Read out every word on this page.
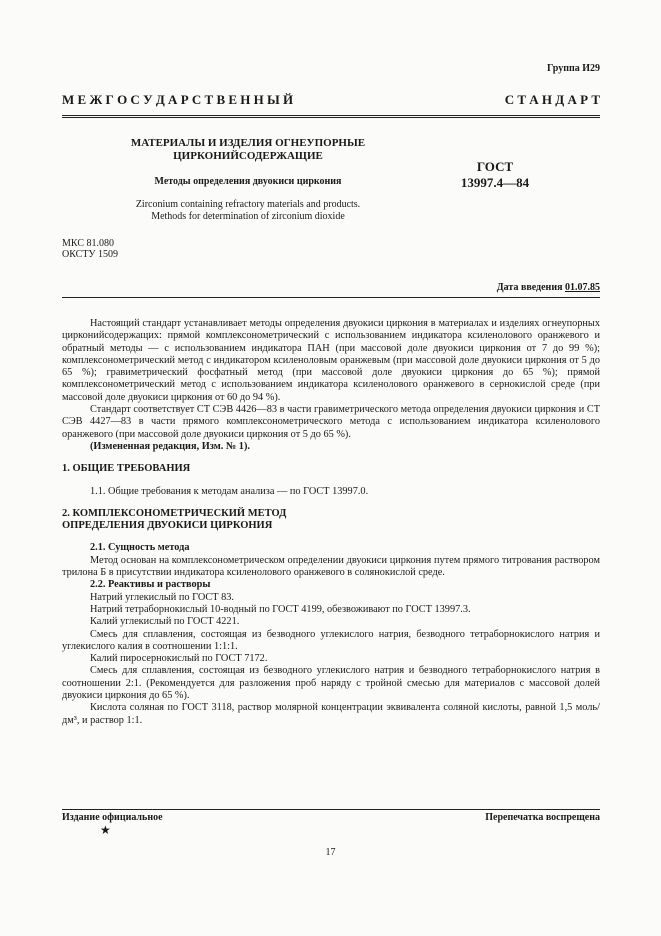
Группа И29
М Е Ж Г О С У Д А Р С Т В Е Н Н Ы Й	С Т А Н Д А Р Т
МАТЕРИАЛЫ И ИЗДЕЛИЯ ОГНЕУПОРНЫЕ
ЦИРКОНИЙСОДЕРЖАЩИЕ
Методы определения двуокиси циркония
Zirconium containing refractory materials and products.
Methods for determination of zirconium dioxide
ГОСТ
13997.4—84
МКС 81.080
ОКСТУ 1509
Дата введения 01.07.85

Настоящий стандарт устанавливает методы определения двуокиси циркония в материалах и изделиях огнеупорных цирконийсодержащих: прямой комплексонометрический с использованием индикатора ксиленолового оранжевого и обратный методы — с использованием индикатора ПАН (при массовой доле двуокиси циркония от 7 до 99 %); комплексонометрический метод с индикатором ксиленоловым оранжевым (при массовой доле двуокиси циркония от 5 до 65 %); гравиметрический фосфатный метод (при массовой доле двуокиси циркония до 65 %); прямой комплексонометрический метод с использованием индикатора ксиленолового оранжевого в сернокислой среде (при массовой доле двуокиси циркония от 60 до 94 %).

Стандарт соответствует СТ СЭВ 4426—83 в части гравиметрического метода определения двуокиси циркония и СТ СЭВ 4427—83 в части прямого комплексонометрического метода с использованием индикатора ксиленолового оранжевого (при массовой доле двуокиси циркония от 5 до 65 %).

(Измененная редакция, Изм. № 1).

1. ОБЩИЕ ТРЕБОВАНИЯ

1.1. Общие требования к методам анализа — по ГОСТ 13997.0.

2. КОМПЛЕКСОНОМЕТРИЧЕСКИЙ МЕТОД

ОПРЕДЕЛЕНИЯ ДВУОКИСИ ЦИРКОНИЯ

2.1. Сущность метода

Метод основан на комплексонометрическом определении двуокиси циркония путем прямого титрования раствором трилона Б в присутствии индикатора ксиленолового оранжевого в солянокислой среде.

2.2. Реактивы и растворы

Натрий углекислый по ГОСТ 83.

Натрий тетраборнокислый 10-водный по ГОСТ 4199, обезвоживают по ГОСТ 13997.3.

Калий углекислый по ГОСТ 4221.

Смесь для сплавления, состоящая из безводного углекислого натрия, безводного тетраборнокислого натрия и углекислого калия в соотношении 1:1:1.

Калий пиросернокислый по ГОСТ 7172.

Смесь для сплавления, состоящая из безводного углекислого натрия и безводного тетраборнокислого натрия в соотношении 2:1. (Рекомендуется для разложения проб наряду с тройной смесью для материалов с массовой долей двуокиси циркония до 65 %).

Кислота соляная по ГОСТ 3118, раствор молярной концентрации эквивалента соляной кислоты, равной 1,5 моль/дм³, и раствор 1:1.

Издание официальное	Перепечатка воспрещена
★
17
